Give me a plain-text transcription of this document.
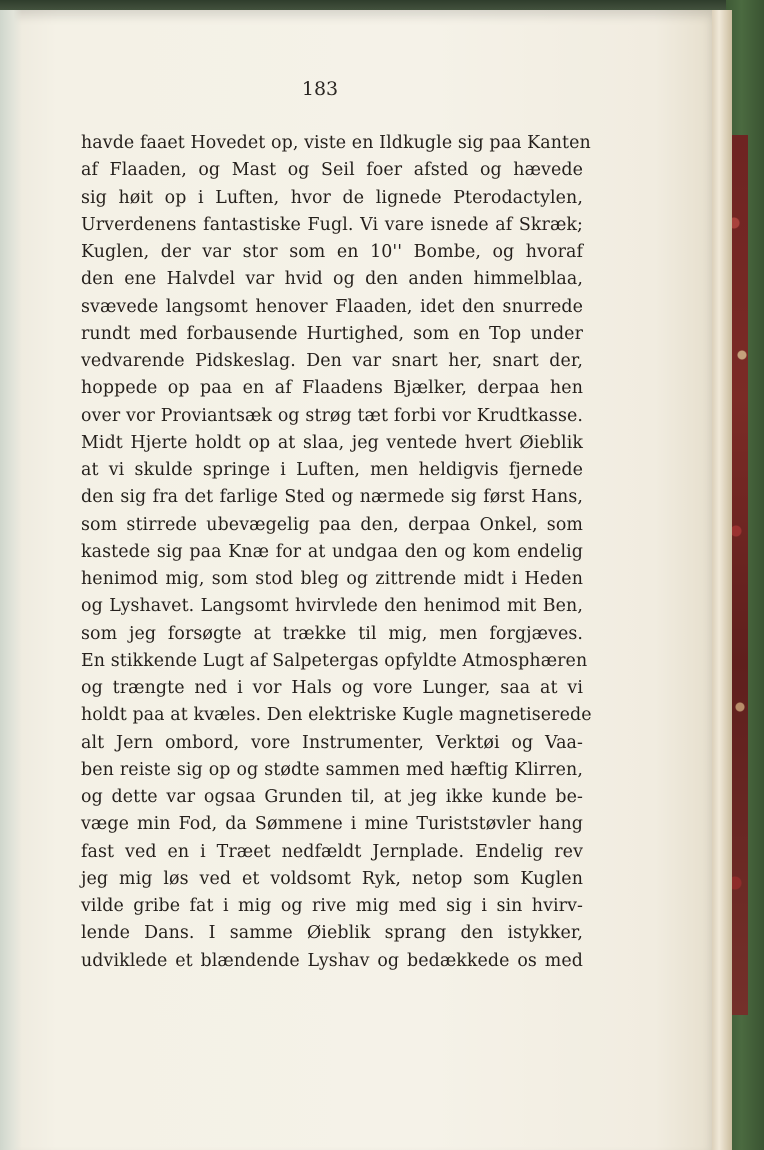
183
havde faaet Hovedet op, viste en Ildkugle sig paa Kanten
af Flaaden, og Mast og Seil foer afsted og hævede
sig høit op i Luften, hvor de lignede Pterodactylen,
Urverdenens fantastiske Fugl. Vi vare isnede af Skræk;
Kuglen, der var stor som en 10'' Bombe, og hvoraf
den ene Halvdel var hvid og den anden himmelblaa,
svævede langsomt henover Flaaden, idet den snurrede
rundt med forbausende Hurtighed, som en Top under
vedvarende Pidskeslag. Den var snart her, snart der,
hoppede op paa en af Flaadens Bjælker, derpaa hen
over vor Proviantsæk og strøg tæt forbi vor Krudtkasse.
Midt Hjerte holdt op at slaa, jeg ventede hvert Øieblik
at vi skulde springe i Luften, men heldigvis fjernede
den sig fra det farlige Sted og nærmede sig først Hans,
som stirrede ubevægelig paa den, derpaa Onkel, som
kastede sig paa Knæ for at undgaa den og kom endelig
henimod mig, som stod bleg og zittrende midt i Heden
og Lyshavet. Langsomt hvirvlede den henimod mit Ben,
som jeg forsøgte at trække til mig, men forgjæves.
En stikkende Lugt af Salpetergas opfyldte Atmosphæren
og trængte ned i vor Hals og vore Lunger, saa at vi
holdt paa at kvæles. Den elektriske Kugle magnetiserede
alt Jern ombord, vore Instrumenter, Verktøi og Vaa-
ben reiste sig op og stødte sammen med hæftig Klirren,
og dette var ogsaa Grunden til, at jeg ikke kunde be-
væge min Fod, da Sømmene i mine Turiststøvler hang
fast ved en i Træet nedfældt Jernplade. Endelig rev
jeg mig løs ved et voldsomt Ryk, netop som Kuglen
vilde gribe fat i mig og rive mig med sig i sin hvirv-
lende Dans. I samme Øieblik sprang den istykker,
udviklede et blændende Lyshav og bedækkede os med
